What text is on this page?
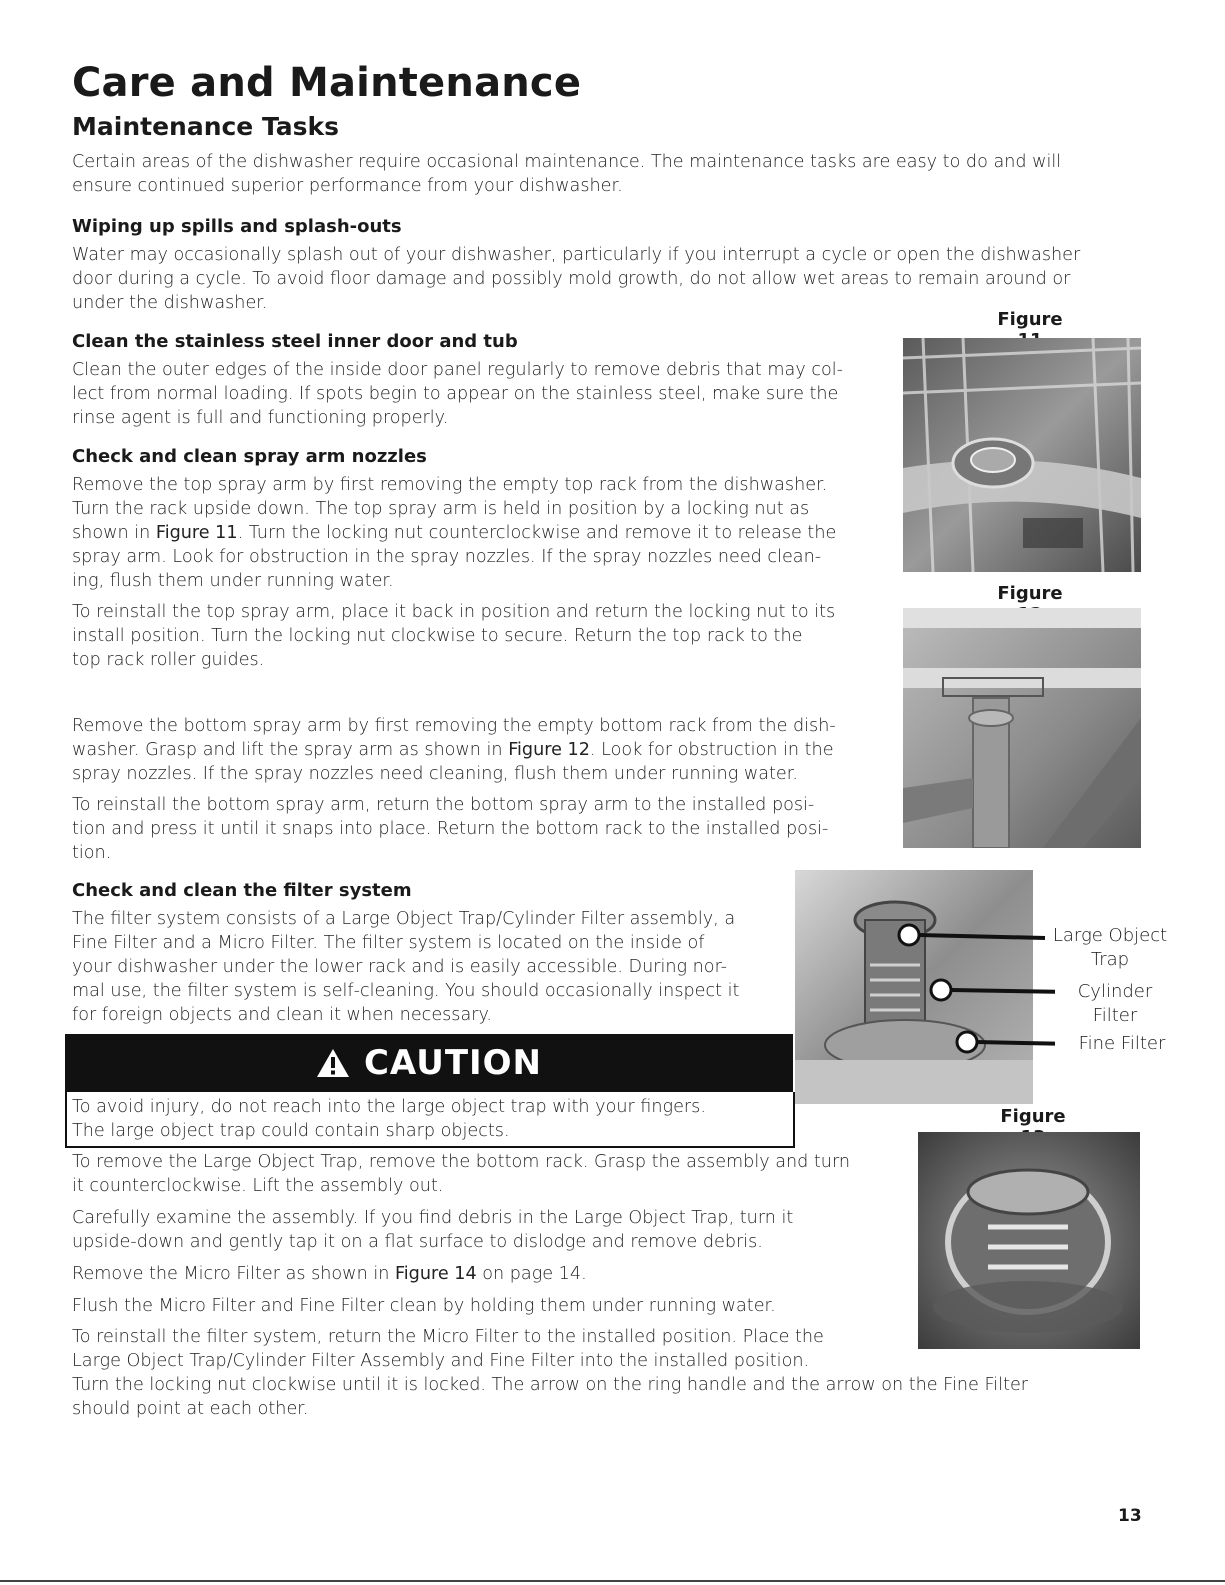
Care and Maintenance
Maintenance Tasks

Certain areas of the dishwasher require occasional maintenance. The maintenance tasks are easy to do and will

ensure continued superior performance from your dishwasher.

Wiping up spills and splash-outs

Water may occasionally splash out of your dishwasher, particularly if you interrupt a cycle or open the dishwasher

door during a cycle. To avoid floor damage and possibly mold growth, do not allow wet areas to remain around or

under the dishwasher.

Clean the stainless steel inner door and tub

Clean the outer edges of the inside door panel regularly to remove debris that may col-

lect from normal loading. If spots begin to appear on the stainless steel, make sure the

rinse agent is full and functioning properly.

Check and clean spray arm nozzles

Remove the top spray arm by first removing the empty top rack from the dishwasher.

Turn the rack upside down. The top spray arm is held in position by a locking nut as

shown in Figure 11. Turn the locking nut counterclockwise and remove it to release the

spray arm. Look for obstruction in the spray nozzles. If the spray nozzles need clean-

ing, flush them under running water.

To reinstall the top spray arm, place it back in position and return the locking nut to its

install position. Turn the locking nut clockwise to secure. Return the top rack to the

top rack roller guides.

Remove the bottom spray arm by first removing the empty bottom rack from the dish-

washer. Grasp and lift the spray arm as shown in Figure 12. Look for obstruction in the

spray nozzles. If the spray nozzles need cleaning, flush them under running water.

To reinstall the bottom spray arm, return the bottom spray arm to the installed posi-

tion and press it until it snaps into place. Return the bottom rack to the installed posi-

tion.

Check and clean the filter system

The filter system consists of a Large Object Trap/Cylinder Filter assembly, a

Fine Filter and a Micro Filter. The filter system is located on the inside of

your dishwasher under the lower rack and is easily accessible. During nor-

mal use, the filter system is self-cleaning. You should occasionally inspect it

for foreign objects and clean it when necessary.

CAUTION

To avoid injury, do not reach into the large object trap with your fingers.

The large object trap could contain sharp objects.

To remove the Large Object Trap, remove the bottom rack. Grasp the assembly and turn

it counterclockwise. Lift the assembly out.

Carefully examine the assembly. If you find debris in the Large Object Trap, turn it

upside-down and gently tap it on a flat surface to dislodge and remove debris.

Remove the Micro Filter as shown in Figure 14 on page 14.

Flush the Micro Filter and Fine Filter clean by holding them under running water.

To reinstall the filter system, return the Micro Filter to the installed position. Place the

Large Object Trap/Cylinder Filter Assembly and Fine Filter into the installed position.

Turn the locking nut clockwise until it is locked. The arrow on the ring handle and the arrow on the Fine Filter

should point at each other.

Figure
Figure

Large Object

Trap

Cylinder

Filter

Fine Filter

Figure
13
